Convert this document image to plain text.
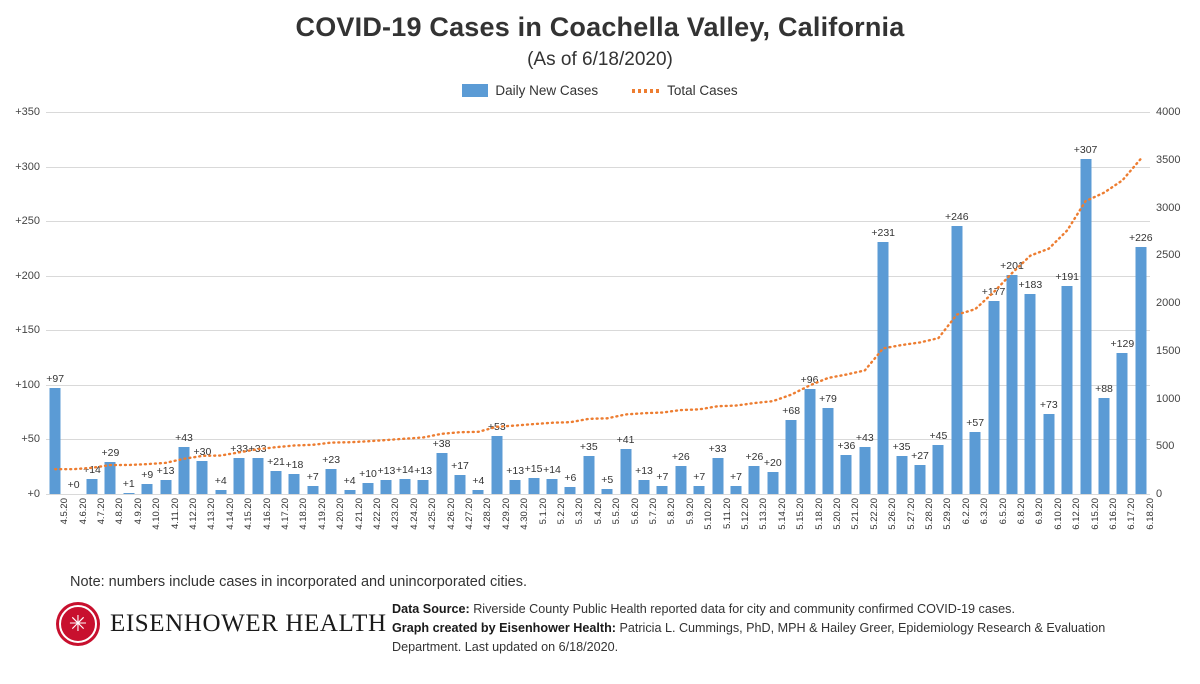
COVID-19 Cases in Coachella Valley, California
(As of 6/18/2020)
Daily New Cases	Total Cases
+0
+50
+100
+150
+200
+250
+300
+350
0
500
1000
1500
2000
2500
3000
3500
4000
+97
+0
+14
+29
+1
+9 +13
+43
+30
+4
+33 +33
+21 +18
+7
+23
+4
+10 +13 +14 +13
+38
+17
+4
+53
+13 +15 +14
+6
+35
+5
+41
+13
+7
+26
+7
+33
+7
+26
+20
+68
+96
+79
+36
+43
+231
+35
+27
+45
+246
+57
+177
+201
+183
+73
+191
+307
+88
+129
+226
4.5.20 4.6.20 4.7.20 4.8.20 4.9.20 4.10.20 4.11.20 4.12.20 4.13.20 4.14.20 4.15.20 4.16.20 4.17.20 4.18.20 4.19.20 4.20.20 4.21.20 4.22.20 4.23.20 4.24.20 4.25.20 4.26.20 4.27.20 4.28.20 4.29.20 4.30.20 5.1.20 5.2.20 5.3.20 5.4.20 5.5.20 5.6.20 5.7.20 5.8.20 5.9.20 5.10.20 5.11.20 5.12.20 5.13.20 5.14.20 5.15.20 5.18.20 5.20.20 5.21.20 5.22.20 5.26.20 5.27.20 5.28.20 5.29.20 6.2.20 6.3.20 6.5.20 6.8.20 6.9.20 6.10.20 6.12.20 6.15.20 6.16.20 6.17.20 6.18.20
Note: numbers include cases in incorporated and unincorporated cities.
✳ EISENHOWER HEALTH
Data Source: Riverside County Public Health reported data for city and community confirmed COVID-19 cases.
Graph created by Eisenhower Health: Patricia L. Cummings, PhD, MPH & Hailey Greer, Epidemiology Research & Evaluation Department. Last updated on 6/18/2020.
